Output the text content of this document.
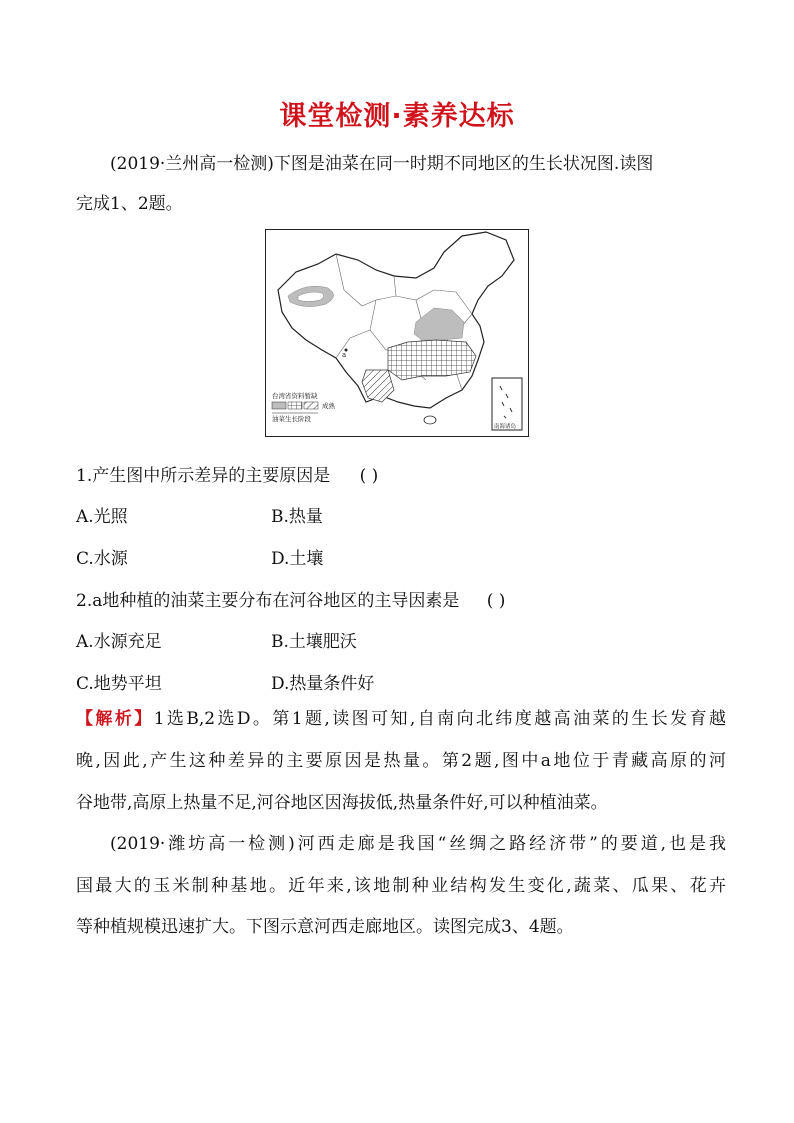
课堂检测·素养达标
(2019·兰州高一检测)下图是油菜在同一时期不同地区的生长状况图.读图
完成1、2题。
a
台湾省资料暂缺
成熟
油菜生长阶段
南海诸岛
1.产生图中所示差异的主要原因是 ( )
A.光照	B.热量
C.水源	D.土壤
2.a地种植的油菜主要分布在河谷地区的主导因素是 ( )
A.水源充足	B.土壤肥沃
C.地势平坦	D.热量条件好
【解析】1选B,2选D。第1题,读图可知,自南向北纬度越高油菜的生长发育越
晚,因此,产生这种差异的主要原因是热量。第2题,图中a地位于青藏高原的河
谷地带,高原上热量不足,河谷地区因海拔低,热量条件好,可以种植油菜。
(2019·潍坊高一检测)河西走廊是我国“丝绸之路经济带”的要道,也是我
国最大的玉米制种基地。近年来,该地制种业结构发生变化,蔬菜、瓜果、花卉
等种植规模迅速扩大。下图示意河西走廊地区。读图完成3、4题。
